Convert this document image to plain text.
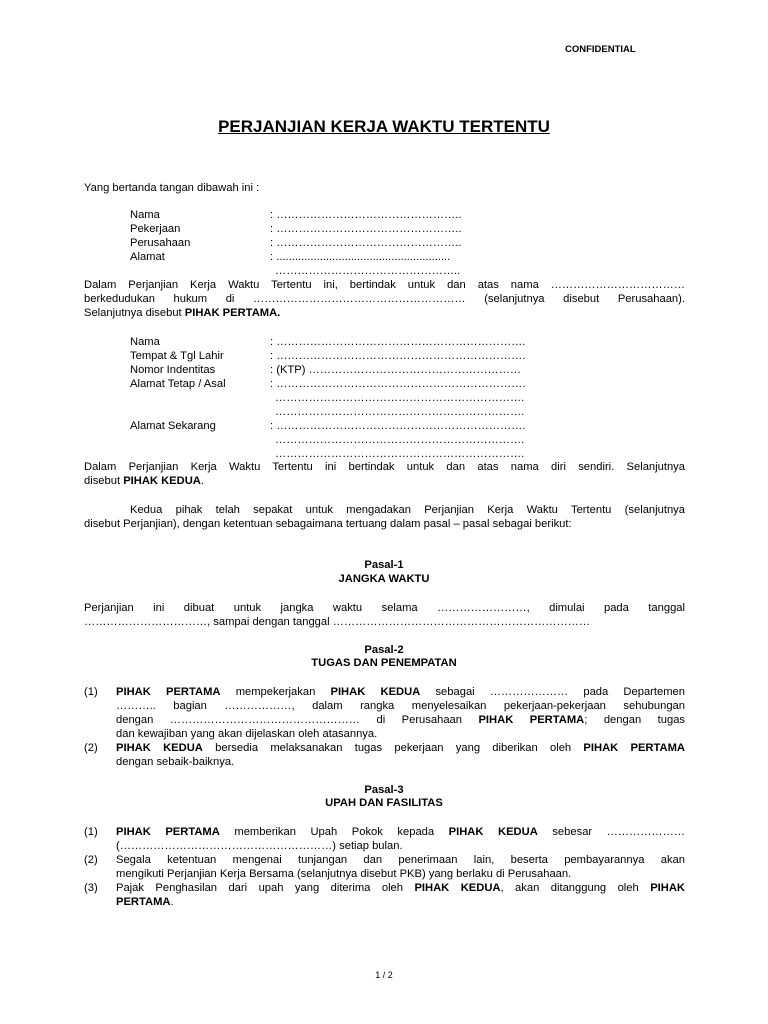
CONFIDENTIAL
PERJANJIAN KERJA WAKTU TERTENTU
Yang bertanda tangan dibawah ini :
Nama	: …………………………………………..
Pekerjaan	: …………………………………………..
Perusahaan	: …………………………………………..
Alamat	: ........................................................
…………………………………………..
Dalam Perjanjian Kerja Waktu Tertentu ini, bertindak untuk dan atas nama ………………………………
berkedudukan hukum di ………………………………………………… (selanjutnya disebut Perusahaan).
Selanjutnya disebut PIHAK PERTAMA.
Nama	: ………………………………………………………….
Tempat & Tgl Lahir	: ………………………………………………………….
Nomor Indentitas	: (KTP) …………………………………………………
Alamat Tetap / Asal	: ………………………………………………………….
………………………………………………………….
………………………………………………………….
Alamat Sekarang	: ………………………………………………………….
………………………………………………………….
………………………………………………………….
Dalam Perjanjian Kerja Waktu Tertentu ini bertindak untuk dan atas nama diri sendiri. Selanjutnya
disebut PIHAK KEDUA.
Kedua pihak telah sepakat untuk mengadakan Perjanjian Kerja Waktu Tertentu (selanjutnya
disebut Perjanjian), dengan ketentuan sebagaimana tertuang dalam pasal – pasal sebagai berikut:
Pasal-1
JANGKA WAKTU
Perjanjian ini dibuat untuk jangka waktu selama ……………………, dimulai pada tanggal
……………………………, sampai dengan tanggal ……………………………………………………………
Pasal-2
TUGAS DAN PENEMPATAN
(1) PIHAK PERTAMA mempekerjakan PIHAK KEDUA sebagai ………………… pada Departemen
……….. bagian ………………, dalam rangka menyelesaikan pekerjaan-pekerjaan sehubungan
dengan …………………………………………… di Perusahaan PIHAK PERTAMA; dengan tugas
dan kewajiban yang akan dijelaskan oleh atasannya.
(2) PIHAK KEDUA bersedia melaksanakan tugas pekerjaan yang diberikan oleh PIHAK PERTAMA
dengan sebaik-baiknya.
Pasal-3
UPAH DAN FASILITAS
(1) PIHAK PERTAMA memberikan Upah Pokok kepada PIHAK KEDUA sebesar …………………
(…………………………………………………) setiap bulan.
(2) Segala ketentuan mengenai tunjangan dan penerimaan lain, beserta pembayarannya akan
mengikuti Perjanjian Kerja Bersama (selanjutnya disebut PKB) yang berlaku di Perusahaan.
(3) Pajak Penghasilan dari upah yang diterima oleh PIHAK KEDUA, akan ditanggung oleh PIHAK
PERTAMA.
1 / 2
